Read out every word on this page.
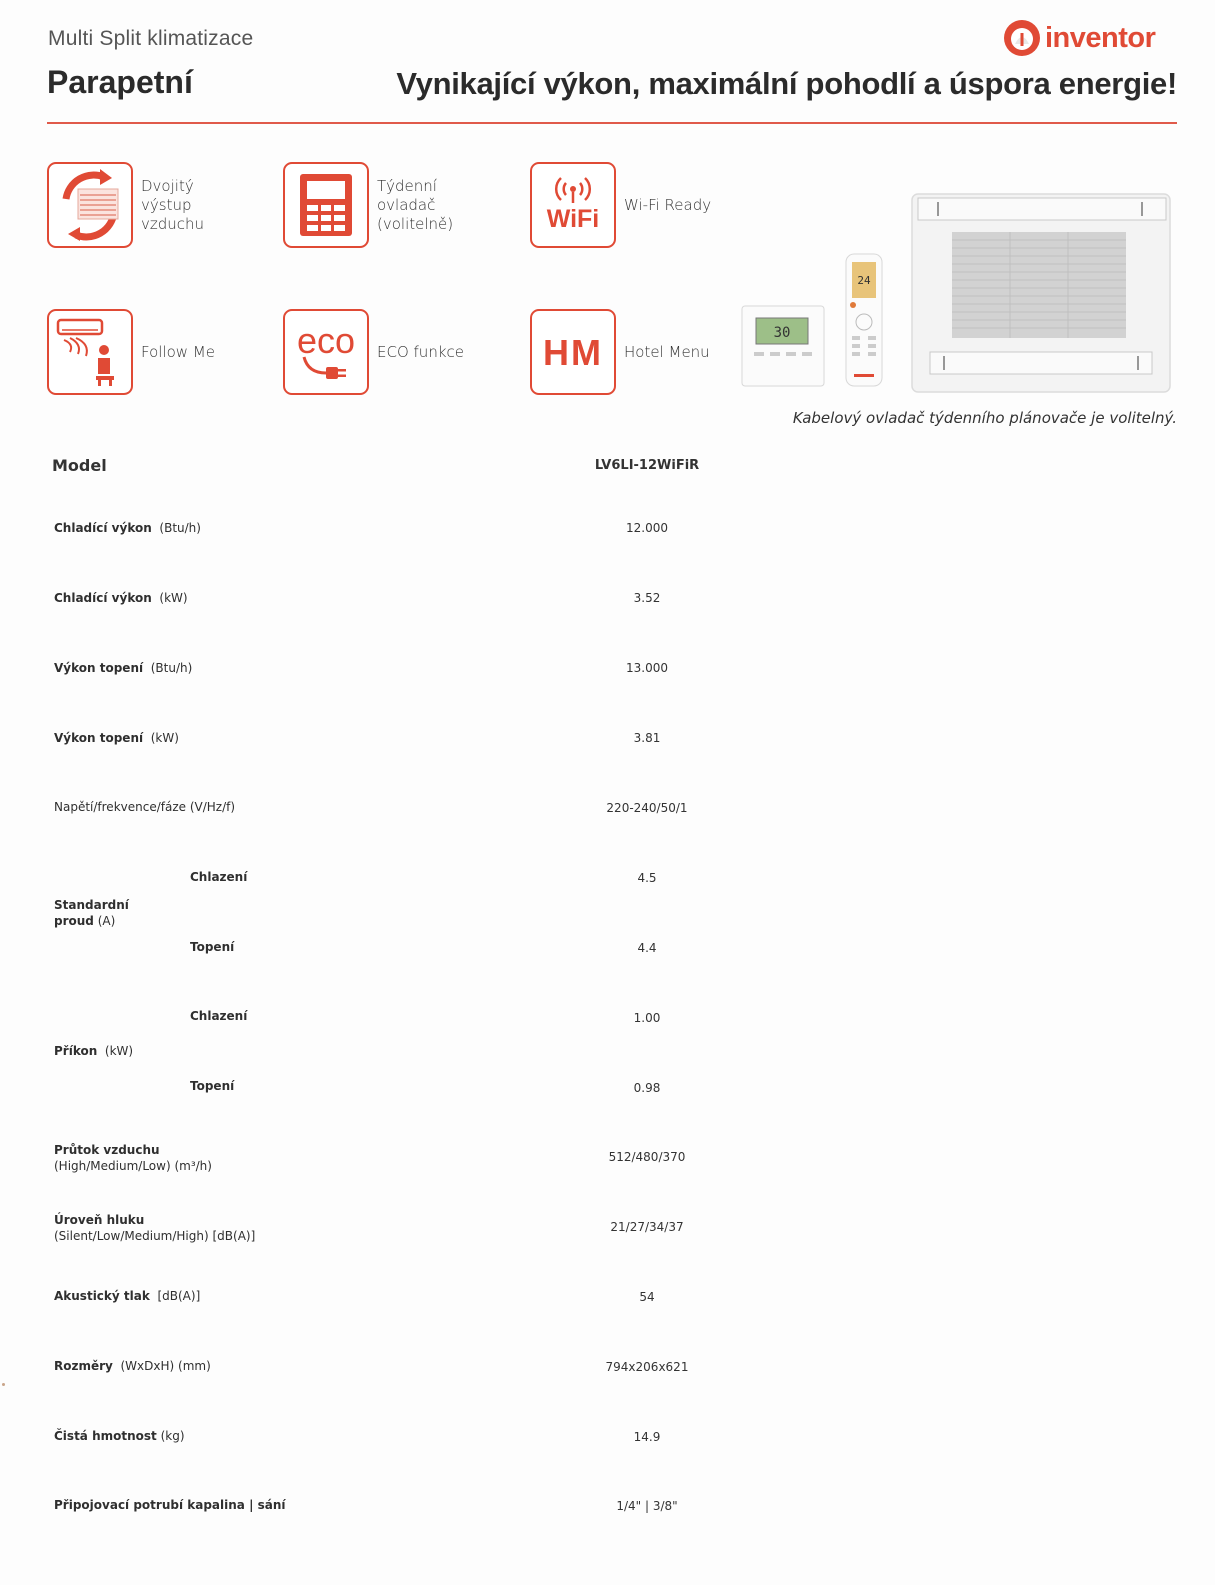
Multi Split klimatizace
Parapetní	Vynikající výkon, maximální pohodlí a úspora energie!
inventor
Dvojitý
výstup
vzduchu
Týdenní
ovladač
(volitelně)	WiFi
Wi-Fi Ready
Follow Me eco ECO funkce HM Hotel Menu
30
24
Kabelový ovladač týdenního plánovače je volitelný.
Model	LV6LI-12WiFiR
Chladící výkon (Btu/h)	12.000
Chladící výkon (kW)	3.52
Výkon topení (Btu/h)	13.000
Výkon topení (kW)	3.81
Napětí/frekvence/fáze (V/Hz/f)	220-240/50/1
Chlazení	4.5
Standardní
proud (A)
Topení	4.4
Chlazení	1.00
Příkon (kW)
Topení	0.98
Průtok vzduchu
(High/Medium/Low) (m³/h)
512/480/370
Úroveň hluku
(Silent/Low/Medium/High) [dB(A)]
21/27/34/37
Akustický tlak [dB(A)]	54
Rozměry (WxDxH) (mm)	794x206x621
Čistá hmotnost (kg)	14.9
Připojovací potrubí kapalina | sání	1/4" | 3/8"
